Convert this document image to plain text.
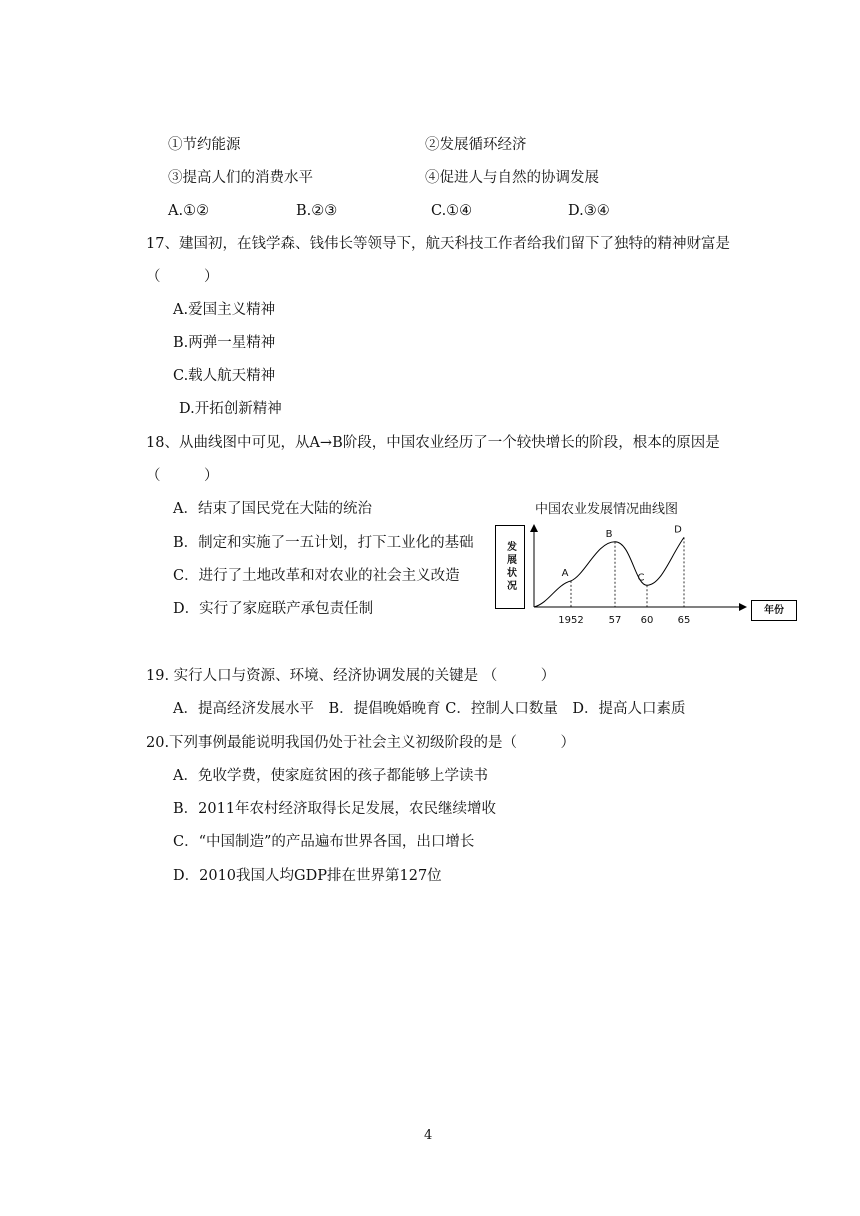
①节约能源	②发展循环经济
③提高人们的消费水平	④促进人与自然的协调发展
A.①②	B.②③	C.①④	D.③④
17、建国初，在钱学森、钱伟长等领导下，航天科技工作者给我们留下了独特的精神财富是
（　　　）
A.爱国主义精神
B.两弹一星精神
C.载人航天精神
D.开拓创新精神
18、从曲线图中可见，从A→B阶段，中国农业经历了一个较快增长的阶段，根本的原因是
（　　　）
A．结束了国民党在大陆的统治
B．制定和实施了一五计划，打下工业化的基础
C．进行了土地改革和对农业的社会主义改造
D．实行了家庭联产承包责任制
中国农业发展情况曲线图
发展状况
年份
1952
A
57
B
60
C
65
D
19. 实行人口与资源、环境、经济协调发展的关键是 （　　　）
A．提高经济发展水平　B．提倡晚婚晚育 C．控制人口数量　D．提高人口素质
20.下列事例最能说明我国仍处于社会主义初级阶段的是（　　　）
A．免收学费，使家庭贫困的孩子都能够上学读书
B．2011年农村经济取得长足发展，农民继续增收
C．“中国制造”的产品遍布世界各国，出口增长
D．2010我国人均GDP排在世界第127位
4
